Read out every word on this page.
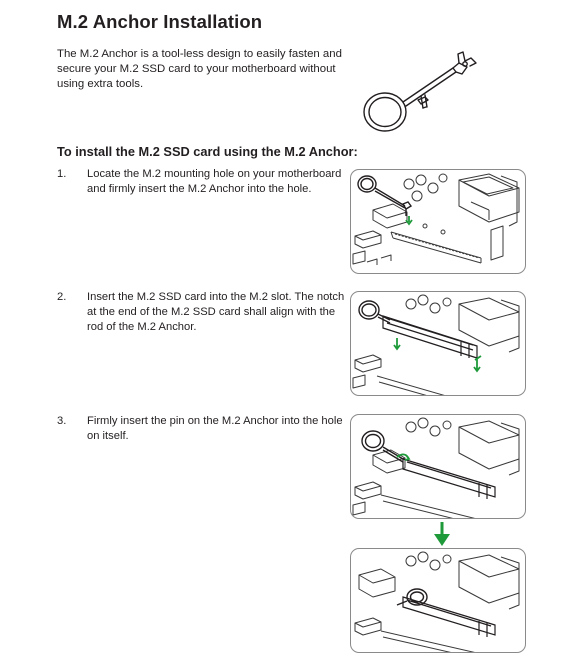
M.2 Anchor Installation

The M.2 Anchor is a tool-less design to easily fasten and secure your M.2 SSD card to your motherboard without using extra tools.

To install the M.2 SSD card using the M.2 Anchor:
1. Locate the M.2 mounting hole on your motherboard and firmly insert the M.2 Anchor into the hole.

2. Insert the M.2 SSD card into the M.2 slot. The notch at the end of the M.2 SSD card shall align with the rod of the M.2 Anchor.

3. Firmly insert the pin on the M.2 Anchor into the hole on itself.
